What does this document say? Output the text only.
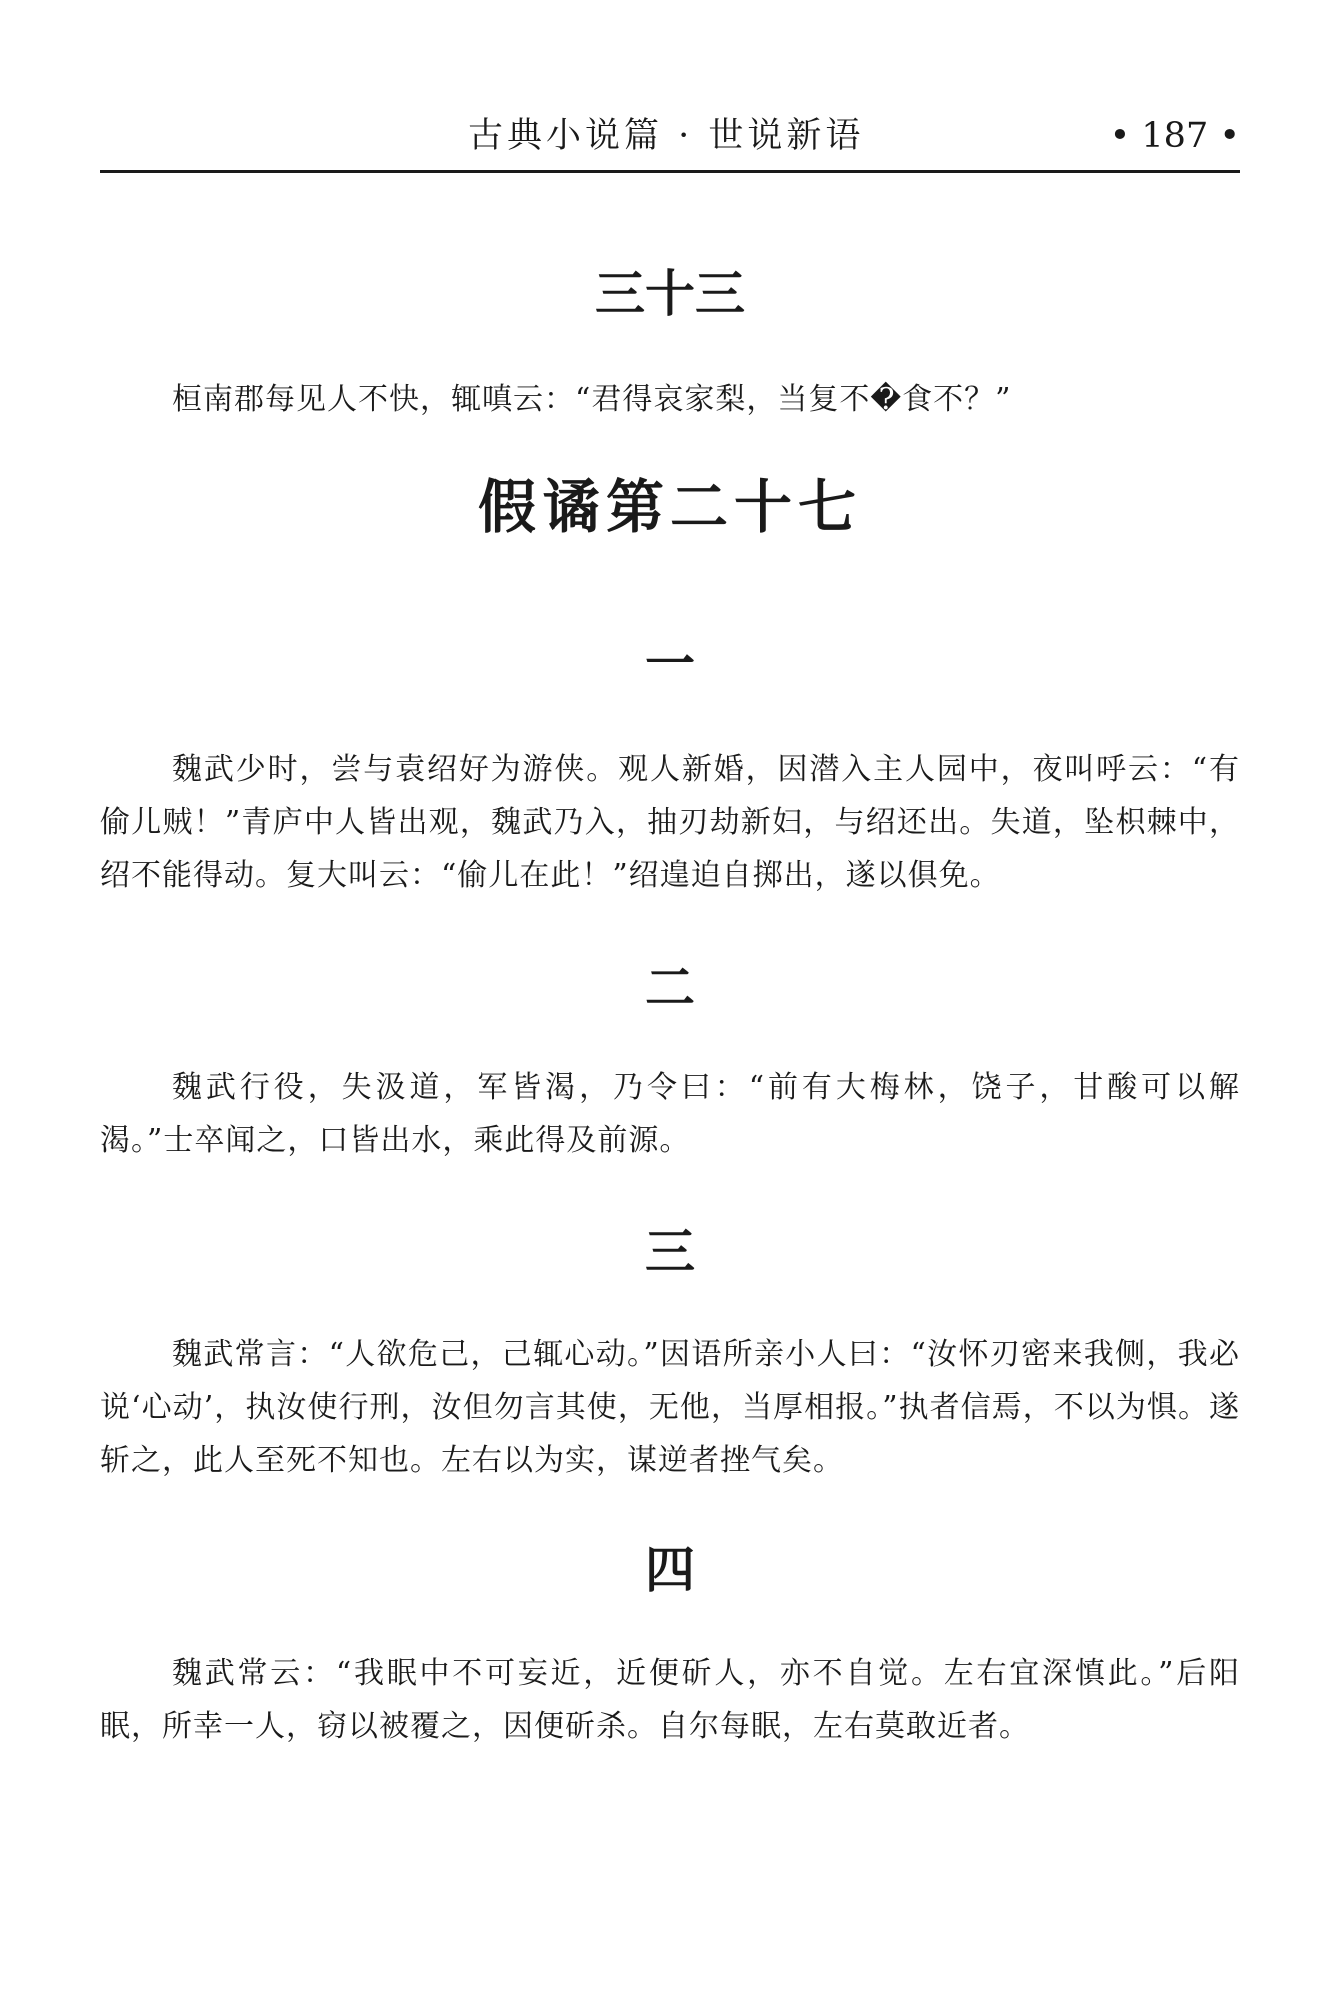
古典小说篇 · 世说新语	• 187 •
三十三

桓南郡每见人不快，辄嗔云：“君得哀家梨，当复不�食不？”

假谲第二十七
一

魏武少时，尝与袁绍好为游侠。观人新婚，因潜入主人园中，夜叫呼云：“有偷儿贼！”青庐中人皆出观，魏武乃入，抽刃劫新妇，与绍还出。失道，坠枳棘中，绍不能得动。复大叫云：“偷儿在此！”绍遑迫自掷出，遂以俱免。

二

魏武行役，失汲道，军皆渴，乃令曰：“前有大梅林，饶子，甘酸可以解渴。”士卒闻之，口皆出水，乘此得及前源。

三

魏武常言：“人欲危己，己辄心动。”因语所亲小人曰：“汝怀刃密来我侧，我必说‘心动’，执汝使行刑，汝但勿言其使，无他，当厚相报。”执者信焉，不以为惧。遂斩之，此人至死不知也。左右以为实，谋逆者挫气矣。

四

魏武常云：“我眠中不可妄近，近便斫人，亦不自觉。左右宜深慎此。”后阳眠，所幸一人，窃以被覆之，因便斫杀。自尔每眠，左右莫敢近者。
